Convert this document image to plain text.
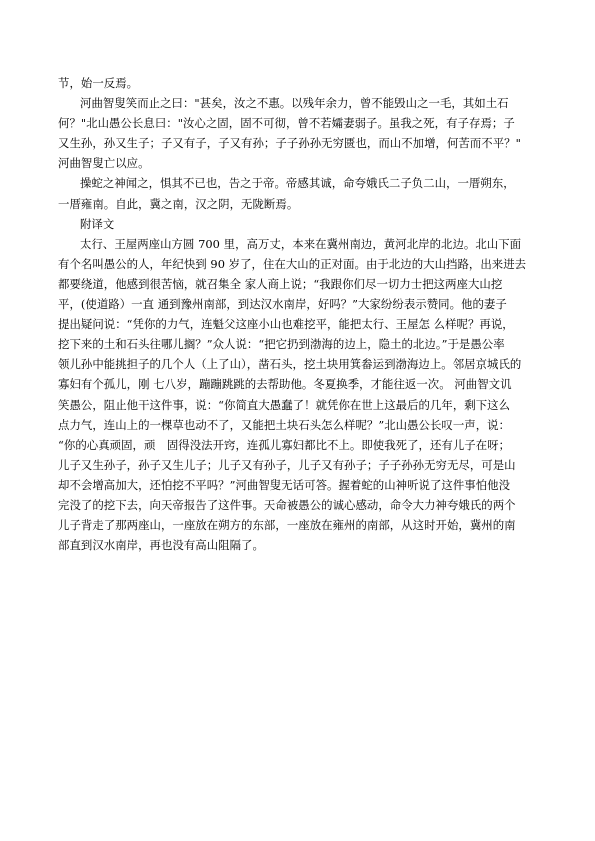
节，始一反焉。
河曲智叟笑而止之曰："甚矣，汝之不惠。以残年余力，曾不能毁山之一毛，其如土石
何？"北山愚公长息曰："汝心之固，固不可彻，曾不若孀妻弱子。虽我之死，有子存焉；子
又生孙，孙又生子；子又有子，子又有孙；子子孙孙无穷匮也，而山不加增，何苦而不平？"
河曲智叟亡以应。
操蛇之神闻之，惧其不已也，告之于帝。帝感其诚，命夸娥氏二子负二山，一厝朔东，
一厝雍南。自此，冀之南，汉之阴，无陇断焉。
附译文
太行、王屋两座山方圆 700 里，高万丈，本来在冀州南边，黄河北岸的北边。北山下面
有个名叫愚公的人，年纪快到 90 岁了，住在大山的正对面。由于北边的大山挡路，出来进去
都要绕道，他感到很苦恼，就召集全 家人商上说；“我跟你们尽一切力士把这两座大山挖
平，(使道路）一直 通到豫州南部，到达汉水南岸，好吗？”大家纷纷表示赞同。他的妻子
提出疑问说：“凭你的力气，连魁父这座小山也难挖平，能把太行、王屋怎 么样呢？再说，
挖下来的土和石头往哪儿搁？”众人说：“把它扔到渤海的边上，隐土的北边。”于是愚公率
领儿孙中能挑担子的几个人（上了山），凿石头，挖土块用箕畚运到渤海边上。邻居京城氏的
寡妇有个孤儿，刚 七八岁，蹦蹦跳跳的去帮助他。冬夏换季，才能往返一次。 河曲智文讥
笑愚公，阻止他干这件事，说：“你简直大愚蠢了！就凭你在世上这最后的几年，剩下这么
点力气，连山上的一棵草也动不了，又能把土块石头怎么样呢？”北山愚公长叹一声，说：
“你的心真顽固，顽　固得没法开窍，连孤儿寡妇都比不上。即使我死了，还有儿子在呀；
儿子又生孙子，孙子又生儿子；儿子又有孙子，儿子又有孙子；子子孙孙无穷无尽，可是山
却不会增高加大，还怕挖不平吗？”河曲智叟无话可答。握着蛇的山神听说了这件事怕他没
完没了的挖下去，向天帝报告了这件事。天命被愚公的诚心感动，命令大力神夸娥氏的两个
儿子背走了那两座山，一座放在朔方的东部，一座放在雍州的南部，从这时开始，冀州的南
部直到汉水南岸，再也没有高山阻隔了。
